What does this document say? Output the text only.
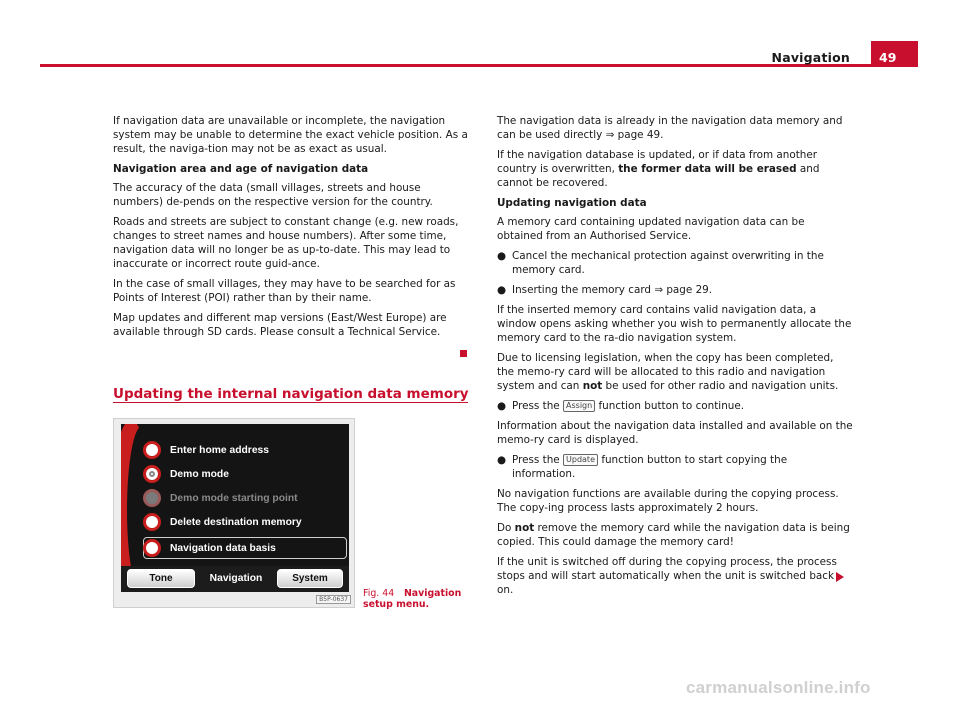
Navigation	49

If navigation data are unavailable or incomplete, the navigation system may be unable to determine the exact vehicle position. As a result, the naviga-tion may not be as exact as usual.

Navigation area and age of navigation data

The accuracy of the data (small villages, streets and house numbers) de-pends on the respective version for the country.

Roads and streets are subject to constant change (e.g. new roads, changes to street names and house numbers). After some time, navigation data will no longer be as up-to-date. This may lead to inaccurate or incorrect route guid-ance.

In the case of small villages, they may have to be searched for as Points of Interest (POI) rather than by their name.

Map updates and different map versions (East/West Europe) are available through SD cards. Please consult a Technical Service.

Updating the internal navigation data memory
Enter home address
Demo mode
Demo mode starting point
Delete destination memory
Navigation data basis
Tone	Navigation	System
B5P-0637
Fig. 44 Navigation setup menu.

The navigation data is already in the navigation data memory and can be used directly ⇒ page 49.

If the navigation database is updated, or if data from another country is overwritten, the former data will be erased and cannot be recovered.

Updating navigation data

A memory card containing updated navigation data can be obtained from an Authorised Service.

● Cancel the mechanical protection against overwriting in the memory card.
● Inserting the memory card ⇒ page 29.

If the inserted memory card contains valid navigation data, a window opens asking whether you wish to permanently allocate the memory card to the ra-dio navigation system.

Due to licensing legislation, when the copy has been completed, the memo-ry card will be allocated to this radio and navigation system and can not be used for other radio and navigation units.

● Press the Assign function button to continue.

Information about the navigation data installed and available on the memo-ry card is displayed.

● Press the Update function button to start copying the information.

No navigation functions are available during the copying process. The copy-ing process lasts approximately 2 hours.

Do not remove the memory card while the navigation data is being copied. This could damage the memory card!

If the unit is switched off during the copying process, the process stops and will start automatically when the unit is switched back on.

carmanualsonline.info
